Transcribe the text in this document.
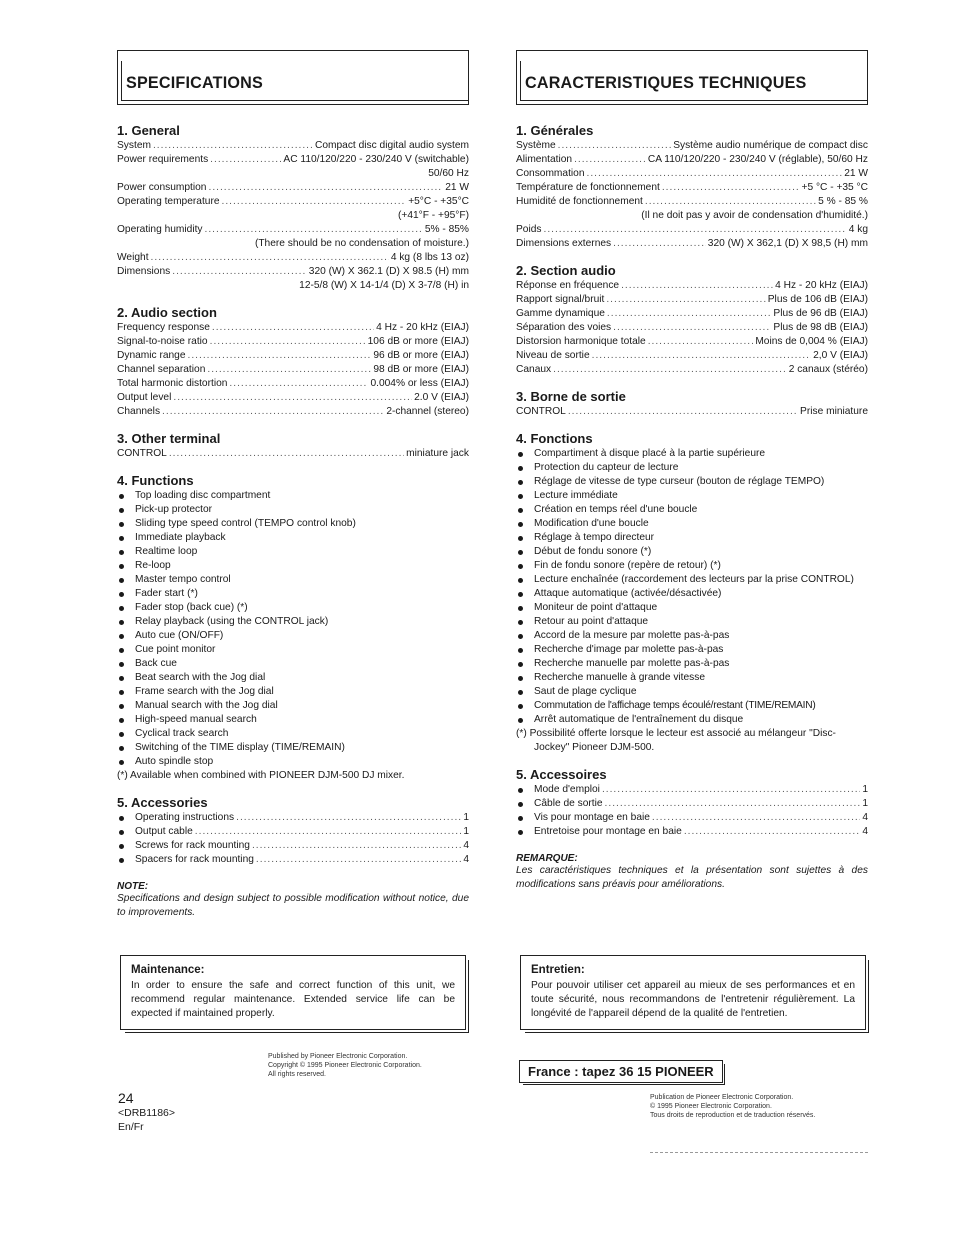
SPECIFICATIONS
1. General
System .....	Compact disc digital audio system
Power requirements .....	AC 110/120/220 - 230/240 V (switchable)
50/60 Hz
Power consumption .....	21 W
Operating temperature .....	+5°C - +35°C
(+41°F - +95°F)
Operating humidity .....	5% - 85%
(There should be no condensation of moisture.)
Weight .....	4 kg (8 lbs 13 oz)
Dimensions .....	320 (W) X 362.1 (D) X 98.5 (H) mm
12-5/8 (W) X 14-1/4 (D) X 3-7/8 (H) in
2. Audio section
Frequency response .....	4 Hz - 20 kHz (EIAJ)
Signal-to-noise ratio .....	106 dB or more (EIAJ)
Dynamic range .....	96 dB or more (EIAJ)
Channel separation .....	98 dB or more (EIAJ)
Total harmonic distortion .....	0.004% or less (EIAJ)
Output level .....	2.0 V (EIAJ)
Channels .....	2-channel (stereo)
3. Other terminal
CONTROL .....	miniature jack
4. Functions
Top loading disc compartment
Pick-up protector
Sliding type speed control (TEMPO control knob)
Immediate playback
Realtime loop
Re-loop
Master tempo control
Fader start (*)
Fader stop (back cue) (*)
Relay playback (using the CONTROL jack)
Auto cue (ON/OFF)
Cue point monitor
Back cue
Beat search with the Jog dial
Frame search with the Jog dial
Manual search with the Jog dial
High-speed manual search
Cyclical track search
Switching of the TIME display (TIME/REMAIN)
Auto spindle stop
(*) Available when combined with PIONEER DJM-500 DJ mixer.
5. Accessories
Operating instructions .....	1
Output cable .....	1
Screws for rack mounting .....	4
Spacers for rack mounting .....	4
NOTE:
Specifications and design subject to possible modification without notice, due to improvements.
Maintenance:
In order to ensure the safe and correct function of this unit, we recommend regular maintenance. Extended service life can be expected if maintained properly.
Published by Pioneer Electronic Corporation.
Copyright © 1995 Pioneer Electronic Corporation.
All rights reserved.
24
<DRB1186>
En/Fr
CARACTERISTIQUES TECHNIQUES
1. Générales
Système .....	Système audio numérique de compact disc
Alimentation .....	CA 110/120/220 - 230/240 V (réglable), 50/60 Hz
Consommation .....	21 W
Température de fonctionnement .....	+5 °C - +35 °C
Humidité de fonctionnement .....	5 % - 85 %
(Il ne doit pas y avoir de condensation d'humidité.)
Poids .....	4 kg
Dimensions externes .....	320 (W) X 362,1 (D) X 98,5 (H) mm
2. Section audio
Réponse en fréquence .....	4 Hz - 20 kHz (EIAJ)
Rapport signal/bruit .....	Plus de 106 dB (EIAJ)
Gamme dynamique .....	Plus de 96 dB (EIAJ)
Séparation des voies .....	Plus de 98 dB (EIAJ)
Distorsion harmonique totale .....	Moins de 0,004 % (EIAJ)
Niveau de sortie .....	2,0 V (EIAJ)
Canaux .....	2 canaux (stéréo)
3. Borne de sortie
CONTROL .....	Prise miniature
4. Fonctions
Compartiment à disque placé à la partie supérieure
Protection du capteur de lecture
Réglage de vitesse de type curseur (bouton de réglage TEMPO)
Lecture immédiate
Création en temps réel d'une boucle
Modification d'une boucle
Réglage à tempo directeur
Début de fondu sonore (*)
Fin de fondu sonore (repère de retour) (*)
Lecture enchaînée (raccordement des lecteurs par la prise CONTROL)
Attaque automatique (activée/désactivée)
Moniteur de point d'attaque
Retour au point d'attaque
Accord de la mesure par molette pas-à-pas
Recherche d'image par molette pas-à-pas
Recherche manuelle par molette pas-à-pas
Recherche manuelle à grande vitesse
Saut de plage cyclique
Commutation de l'affichage temps écoulé/restant (TIME/REMAIN)
Arrêt automatique de l'entraînement du disque
(*) Possibilité offerte lorsque le lecteur est associé au mélangeur "Disc-Jockey" Pioneer DJM-500.
5. Accessoires
Mode d'emploi .....	1
Câble de sortie .....	1
Vis pour montage en baie .....	4
Entretoise pour montage en baie .....	4
REMARQUE:
Les caractéristiques techniques et la présentation sont sujettes à des modifications sans préavis pour améliorations.
Entretien:
Pour pouvoir utiliser cet appareil au mieux de ses performances et en toute sécurité, nous recommandons de l'entretenir régulièrement. La longévité de l'appareil dépend de la qualité de l'entretien.
France : tapez 36 15 PIONEER
Publication de Pioneer Electronic Corporation.
© 1995 Pioneer Electronic Corporation.
Tous droits de reproduction et de traduction réservés.
